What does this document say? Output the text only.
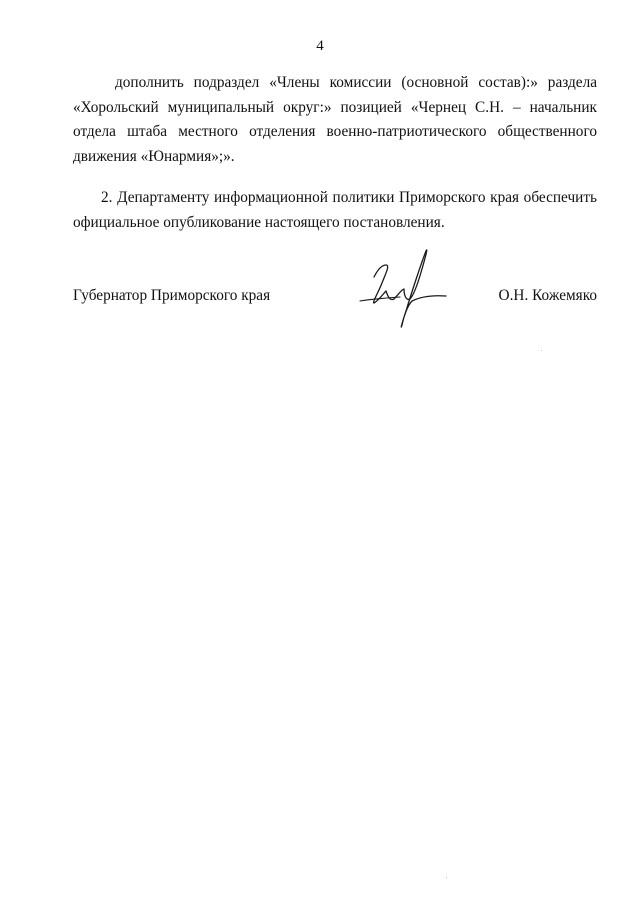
4

дополнить подраздел «Члены комиссии (основной состав):» раздела «Хорольский муниципальный округ:» позицией «Чернец С.Н. – начальник отдела штаба местного отделения военно-патриотического общественного движения «Юнармия»;».

2. Департаменту информационной политики Приморского края обеспечить официальное опубликование настоящего постановления.

Губернатор Приморского края	О.Н. Кожемяко
